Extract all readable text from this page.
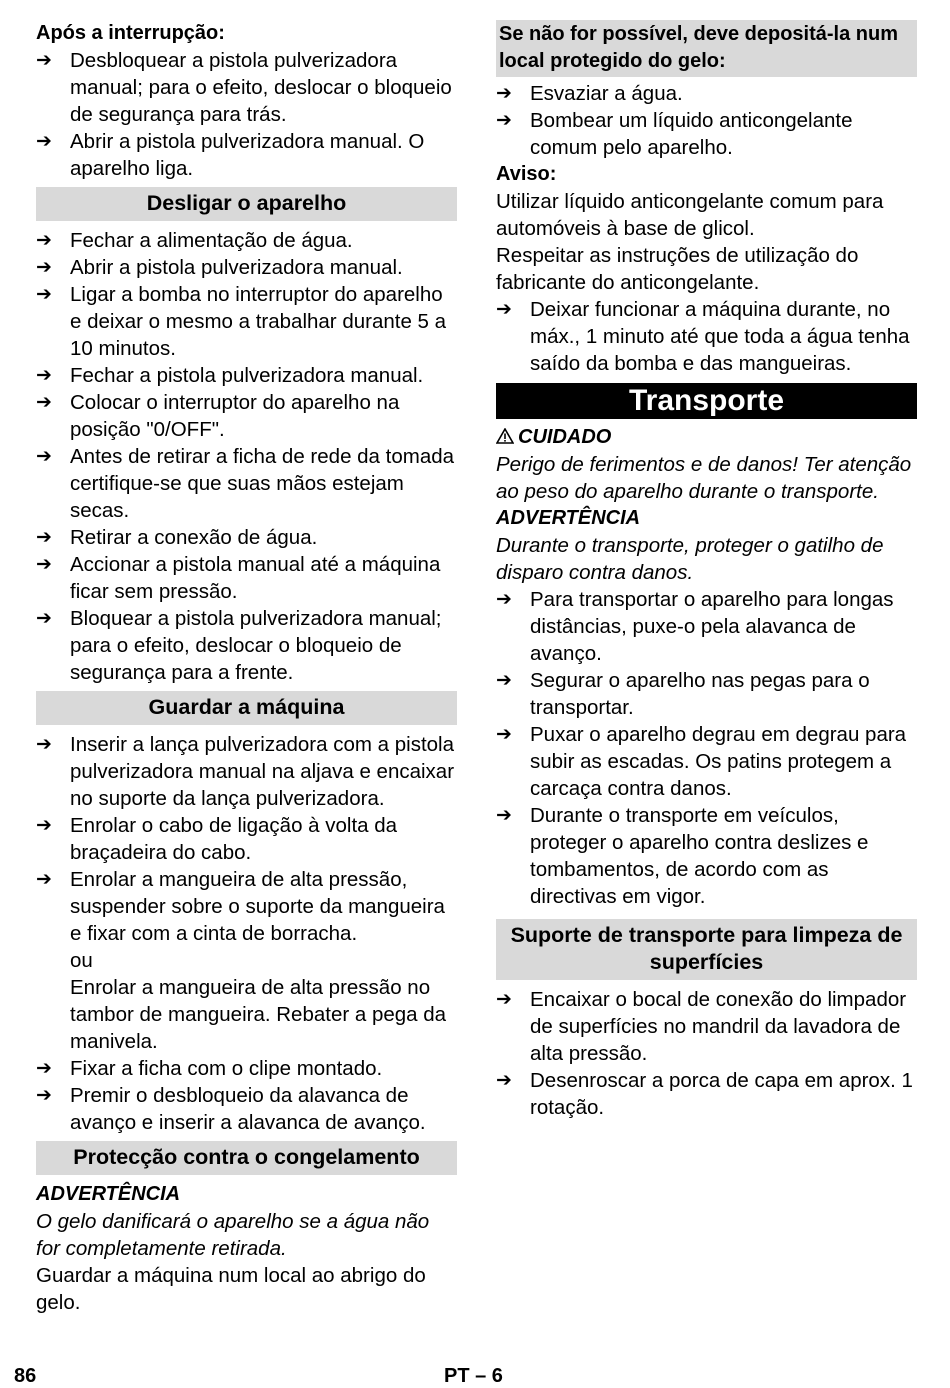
Após a interrupção:
➔ Desbloquear a pistola pulverizadora manual; para o efeito, deslocar o bloqueio de segurança para trás.
➔ Abrir a pistola pulverizadora manual. O aparelho liga.
Desligar o aparelho
➔ Fechar a alimentação de água.
➔ Abrir a pistola pulverizadora manual.
➔ Ligar a bomba no interruptor do aparelho e deixar o mesmo a trabalhar durante 5 a 10 minutos.
➔ Fechar a pistola pulverizadora manual.
➔ Colocar o interruptor do aparelho na posição "0/OFF".
➔ Antes de retirar a ficha de rede da tomada certifique-se que suas mãos estejam secas.
➔ Retirar a conexão de água.
➔ Accionar a pistola manual até a máquina ficar sem pressão.
➔ Bloquear a pistola pulverizadora manual; para o efeito, deslocar o bloqueio de segurança para a frente.
Guardar a máquina
➔ Inserir a lança pulverizadora com a pistola pulverizadora manual na aljava e encaixar no suporte da lança pulverizadora.
➔ Enrolar o cabo de ligação à volta da braçadeira do cabo.
➔ Enrolar a mangueira de alta pressão, suspender sobre o suporte da mangueira e fixar com a cinta de borracha.
ou
Enrolar a mangueira de alta pressão no tambor de mangueira. Rebater a pega da manivela.
➔ Fixar a ficha com o clipe montado.
➔ Premir o desbloqueio da alavanca de avanço e inserir a alavanca de avanço.
Protecção contra o congelamento
ADVERTÊNCIA
O gelo danificará o aparelho se a água não for completamente retirada.
Guardar a máquina num local ao abrigo do gelo.
Se não for possível, deve depositá-la num local protegido do gelo:
➔ Esvaziar a água.
➔ Bombear um líquido anticongelante comum pelo aparelho.
Aviso:
Utilizar líquido anticongelante comum para automóveis à base de glicol.
Respeitar as instruções de utilização do fabricante do anticongelante.
➔ Deixar funcionar a máquina durante, no máx., 1 minuto até que toda a água tenha saído da bomba e das mangueiras.
Transporte
CUIDADO
Perigo de ferimentos e de danos! Ter atenção ao peso do aparelho durante o transporte.
ADVERTÊNCIA
Durante o transporte, proteger o gatilho de disparo contra danos.
➔ Para transportar o aparelho para longas distâncias, puxe-o pela alavanca de avanço.
➔ Segurar o aparelho nas pegas para o transportar.
➔ Puxar o aparelho degrau em degrau para subir as escadas. Os patins protegem a carcaça contra danos.
➔ Durante o transporte em veículos, proteger o aparelho contra deslizes e tombamentos, de acordo com as directivas em vigor.
Suporte de transporte para limpeza de superfícies
➔ Encaixar o bocal de conexão do limpador de superfícies no mandril da lavadora de alta pressão.
➔ Desenroscar a porca de capa em aprox. 1 rotação.
86	PT – 6
